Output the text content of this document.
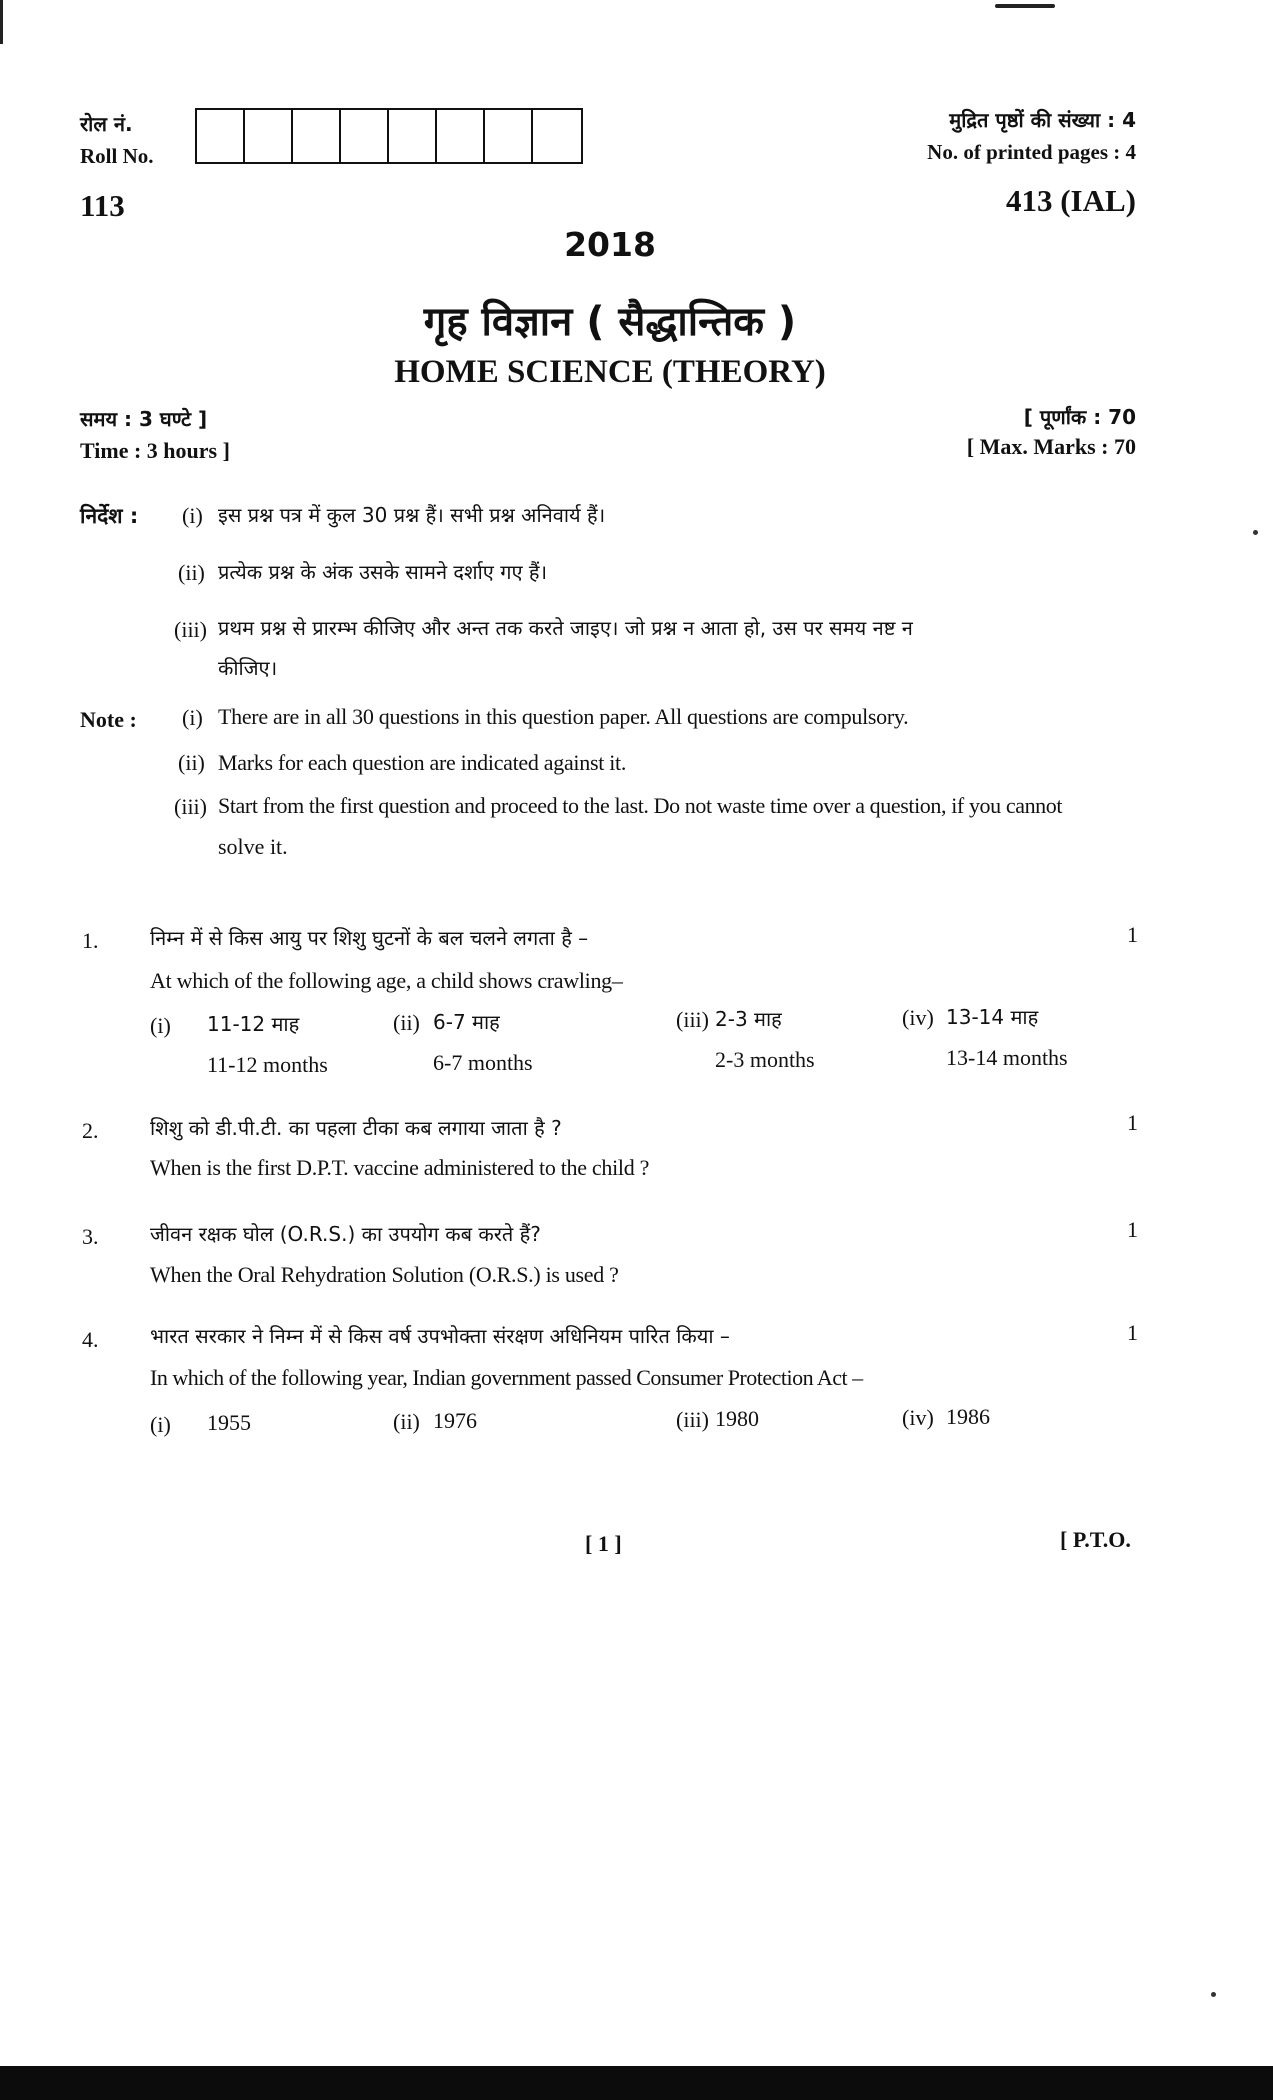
रोल नं.
Roll No.
मुद्रित पृष्ठों की संख्या : 4
No. of printed pages : 4
113	413 (IAL)
2018
गृह विज्ञान ( सैद्धान्तिक )
HOME SCIENCE (THEORY)
समय : 3 घण्टे ]
Time : 3 hours ]
[ पूर्णांक : 70
[ Max. Marks : 70
निर्देश : (i) इस प्रश्न पत्र में कुल 30 प्रश्न हैं। सभी प्रश्न अनिवार्य हैं।
(ii) प्रत्येक प्रश्न के अंक उसके सामने दर्शाए गए हैं।
(iii) प्रथम प्रश्न से प्रारम्भ कीजिए और अन्त तक करते जाइए। जो प्रश्न न आता हो, उस पर समय नष्ट न
कीजिए।
Note : (i) There are in all 30 questions in this question paper. All questions are compulsory.
(ii) Marks for each question are indicated against it.
(iii) Start from the first question and proceed to the last. Do not waste time over a question, if you cannot
solve it.
1.	निम्न में से किस आयु पर शिशु घुटनों के बल चलने लगता है –	1
At which of the following age, a child shows crawling–
(i) 11-12 माह
11-12 months
(ii) 6-7 माह
6-7 months
(iii) 2-3 माह
2-3 months
(iv) 13-14 माह
13-14 months
2.	शिशु को डी.पी.टी. का पहला टीका कब लगाया जाता है ?	1
When is the first D.P.T. vaccine administered to the child ?
3.	जीवन रक्षक घोल (O.R.S.) का उपयोग कब करते हैं?	1
When the Oral Rehydration Solution (O.R.S.) is used ?
4.	भारत सरकार ने निम्न में से किस वर्ष उपभोक्ता संरक्षण अधिनियम पारित किया –	1
In which of the following year, Indian government passed Consumer Protection Act –
(i) 1955	(ii) 1976	(iii) 1980	(iv) 1986
[ 1 ]	[ P.T.O.
